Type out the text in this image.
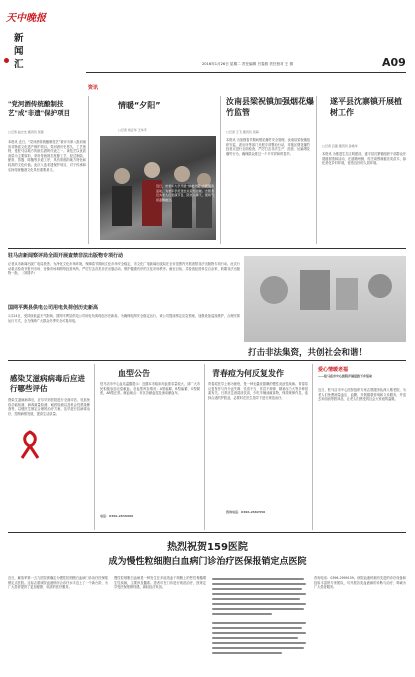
天中晚报
新闻汇
资讯
2016年1月26日 星期二 责任编辑 吕春燕 责任校对 王 倩	A09
"党河酒传统酿制技艺"成"非遗"保护项目
□记者 赵志杰 通讯员 吴锋
本报讯 近日，“党河酒传统酿制技艺”被评为第八批河南省非物质文化遗产保护项目。党河酒历史悠久，工艺独特，是驻马店地方传统名酒的代表之一。该技艺以优质高粱为主要原料，采用传统固态发酵工艺，经过制曲、配料、蒸馏、陈酿等多道工序，具有浓郁的地方特色和较高的文化价值。此次入选非遗保护项目，对于传承和弘扬传统酿酒文化具有重要意义。
情暖“夕阳”
□记者 刘正华 王华平
近日，市老年大学开展“情暖夕阳”志愿服务活动，为老年学员送去关爱与温暖。志愿者们为老人们表演节目，陪老人聊天，现场气氛温馨融洽。
汝南县梁祝镇加强烟花爆竹监管
□记者 王飞 通讯员 吴海
本报讯 为加强春节期间烟花爆竹安全管理，汝南县梁祝镇组织安监、派出所等部门开展专项整治行动，对辖区烟花爆竹经营点进行全面检查，严厉打击非法生产、经营、运输烟花爆竹行为，确保群众度过一个平安祥和的春节。
遂平县沈寨镇开展植树工作
□记者 吕强 通讯员 孙艳华
本报讯 为推进生态文明建设，遂平县沈寨镇组织干部群众开展植树造林活动，在道路两侧、村庄周围栽植各类苗木，绿化美化乡村环境，营造良好的人居环境。
驻马店新闻察评局全面开展查禁非法出版物专项行动
记者从市新闻出版广电局获悉，为净化文化市场环境，保障春节期间文化市场安全稳定，市文化广电新闻出版局在全市范围内开展查禁非法出版物专项行动。此次行动重点检查书报刊市场、音像市场和网络经营场所，严厉打击各类非法出版活动，维护健康有序的文化市场秩序。截至目前，共检查经营单位百余家，收缴非法出版物一批。（刘国华）
国网平舆县供电公司用电负荷创历史新高
1月24日，受持续低温天气影响，国网平舆县供电公司用电负荷再创历史新高。为确保电网安全稳定运行，该公司提前制定应急预案，加强设备巡视维护，合理安排运行方式，全力保障广大群众冬季安全可靠用电。
打击非法集资，共创社会和谐！
感染艾滋病病毒后应进行哪些评估
感染艾滋病病毒后，应尽早到医院进行全面评估，包括免疫功能检测、病毒载量检测、耐药检测以及机会性感染筛查等，以便医生制定合理的治疗方案，及早进行抗病毒治疗，控制病情发展，提高生活质量。
血型公告
驻马店市中心血站温馨提示：近期本市临床用血需求量较大，请广大市民积极参加无偿献血。各血型库存情况：A型偏紧，B型偏紧，O型紧张，AB型正常。献血地点：市区各献血屋及流动献血车。
电话：0396-2836999
青春痘为何反复发作
青春痘医学上称为痤疮，是一种毛囊皮脂腺的慢性炎症性疾病。青春痘反复发作与内分泌失调、饮食不当、作息不规律、精神压力大等多种因素有关。日常应注意清淡饮食，少吃辛辣油腻食物，保持规律作息，选择合适的护肤品，必要时在医生指导下进行规范治疗。
咨询电话：0396-2882550
爱心情暖老福
——驻马店市中心医院开展送医下乡活动
近日，驻马店市中心医院组织专家志愿服务队深入敬老院，为老人们免费测量血压、血糖，开展健康咨询和义诊服务，并送去米面油等慰问品，让老人们感受到社会大家庭的温暖。
热烈祝贺159医院
成为慢性粒细胞白血病门诊治疗医保报销定点医院
近日，解放军第一五九医院被确定为慢性粒细胞白血病门诊治疗医保报销定点医院。这标志着该院血液科综合诊疗水平迈上了一个新台阶，为广大患者提供了更加便捷、优质的医疗服务。
慢性粒细胞白血病是一种发生在多能造血干细胞上的恶性骨髓增生性疾病，主要涉及髓系。患者可在门诊进行规范治疗，按规定享受医保报销待遇，减轻经济负担。
咨询电话：0396-2999159。该院血液科拥有先进的诊疗设备和经验丰富的专家团队，可开展各类血液病的诊断与治疗，竭诚为广大患者服务。
